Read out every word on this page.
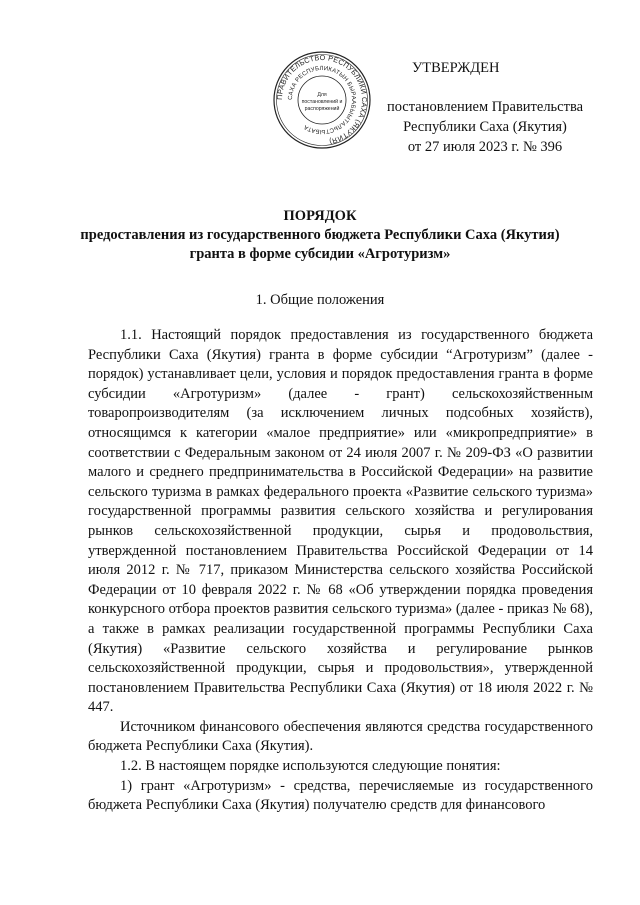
ПРАВИТЕЛЬСТВО РЕСПУБЛИКИ САХА (ЯКУТИЯ)
САХА РЕСПУБЛИКАТЫН БЫРААБЫЫТАЛЬСТЫБАТА
Для
постановлений и
распоряжений
УТВЕРЖДЕН
постановлением Правительства
Республики Саха (Якутия)
от 27 июля 2023 г. № 396
ПОРЯДОК
предоставления из государственного бюджета Республики Саха (Якутия)
гранта в форме субсидии «Агротуризм»
1. Общие положения

1.1. Настоящий порядок предоставления из государственного бюджета Республики Саха (Якутия) гранта в форме субсидии “Агротуризм” (далее - порядок) устанавливает цели, условия и порядок предоставления гранта в форме субсидии «Агротуризм» (далее - грант) сельскохозяйственным товаропроизводителям (за исключением личных подсобных хозяйств), относящимся к категории «малое предприятие» или «микропредприятие» в соответствии с Федеральным законом от 24 июля 2007 г. № 209-ФЗ «О развитии малого и среднего предпринимательства в Российской Федерации» на развитие сельского туризма в рамках федерального проекта «Развитие сельского туризма» государственной программы развития сельского хозяйства и регулирования рынков сельскохозяйственной продукции, сырья и продовольствия, утвержденной постановлением Правительства Российской Федерации от 14 июля 2012 г. № 717, приказом Министерства сельского хозяйства Российской Федерации от 10 февраля 2022 г. № 68 «Об утверждении порядка проведения конкурсного отбора проектов развития сельского туризма» (далее - приказ № 68), а также в рамках реализации государственной программы Республики Саха (Якутия) «Развитие сельского хозяйства и регулирование рынков сельскохозяйственной продукции, сырья и продовольствия», утвержденной постановлением Правительства Республики Саха (Якутия) от 18 июля 2022 г. № 447.

Источником финансового обеспечения являются средства государственного бюджета Республики Саха (Якутия).

1.2. В настоящем порядке используются следующие понятия:

1) грант «Агротуризм» - средства, перечисляемые из государственного бюджета Республики Саха (Якутия) получателю средств для финансового
